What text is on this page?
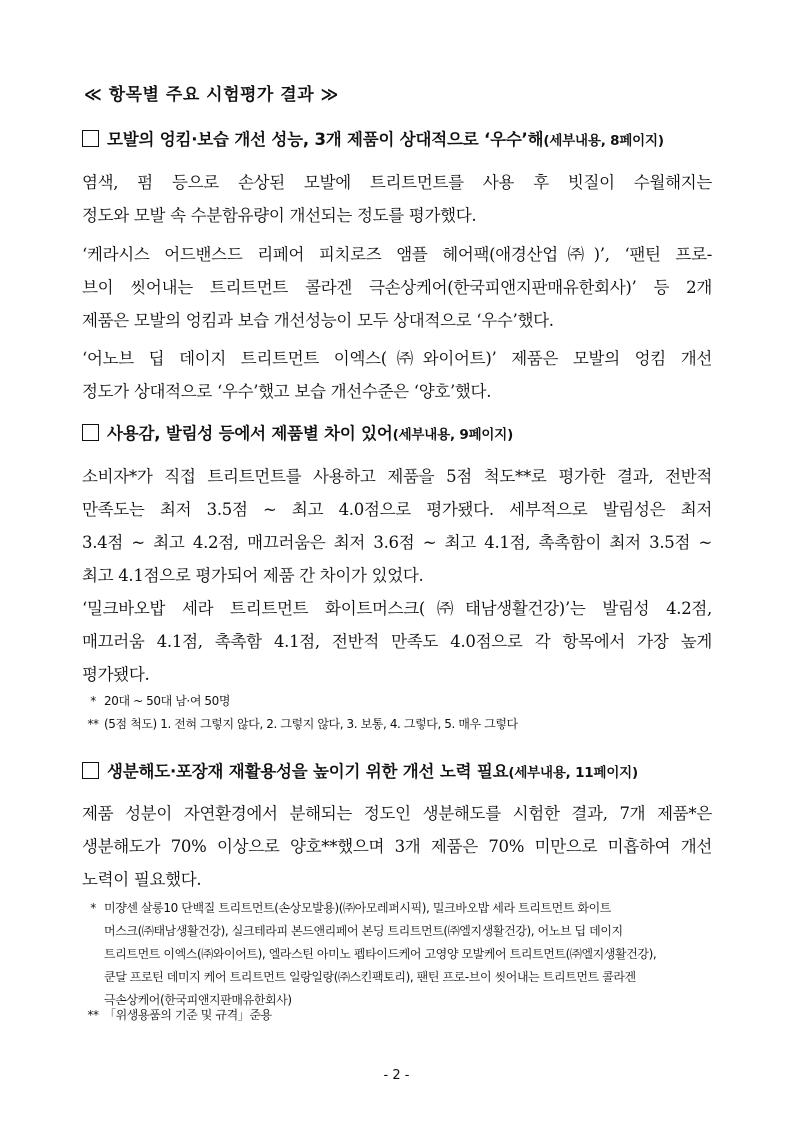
≪ 항목별 주요 시험평가 결과 ≫
모발의 엉킴·보습 개선 성능, 3개 제품이 상대적으로 ‘우수’해(세부내용, 8페이지)
염색, 펌 등으로 손상된 모발에 트리트먼트를 사용 후 빗질이 수월해지는
정도와 모발 속 수분함유량이 개선되는 정도를 평가했다.
‘케라시스 어드밴스드 리페어 피치로즈 앰플 헤어팩(애경산업㈜)’, ‘팬틴 프로-
브이 씻어내는 트리트먼트 콜라겐 극손상케어(한국피앤지판매유한회사)’ 등 2개
제품은 모발의 엉킴과 보습 개선성능이 모두 상대적으로 ‘우수’했다.
‘어노브 딥 데이지 트리트먼트 이엑스(㈜와이어트)’ 제품은 모발의 엉킴 개선
정도가 상대적으로 ‘우수’했고 보습 개선수준은 ‘양호’했다.
사용감, 발림성 등에서 제품별 차이 있어(세부내용, 9페이지)
소비자*가 직접 트리트먼트를 사용하고 제품을 5점 척도**로 평가한 결과, 전반적
만족도는 최저 3.5점 ~ 최고 4.0점으로 평가됐다. 세부적으로 발림성은 최저
3.4점 ~ 최고 4.2점, 매끄러움은 최저 3.6점 ~ 최고 4.1점, 촉촉함이 최저 3.5점 ~
최고 4.1점으로 평가되어 제품 간 차이가 있었다.
‘밀크바오밥 세라 트리트먼트 화이트머스크(㈜태남생활건강)’는 발림성 4.2점,
매끄러움 4.1점, 촉촉함 4.1점, 전반적 만족도 4.0점으로 각 항목에서 가장 높게
평가됐다.
* 20대 ~ 50대 남·여 50명
** (5점 척도) 1. 전혀 그렇지 않다, 2. 그렇지 않다, 3. 보통, 4. 그렇다, 5. 매우 그렇다
생분해도·포장재 재활용성을 높이기 위한 개선 노력 필요(세부내용, 11페이지)
제품 성분이 자연환경에서 분해되는 정도인 생분해도를 시험한 결과, 7개 제품*은
생분해도가 70% 이상으로 양호**했으며 3개 제품은 70% 미만으로 미흡하여 개선
노력이 필요했다.
* 미쟝센 살롱10 단백질 트리트먼트(손상모발용)(㈜아모레퍼시픽), 밀크바오밥 세라 트리트먼트 화이트
머스크(㈜태남생활건강), 실크테라피 본드앤리페어 본딩 트리트먼트(㈜엘지생활건강), 어노브 딥 데이지
트리트먼트 이엑스(㈜와이어트), 엘라스틴 아미노 펩타이드케어 고영양 모발케어 트리트먼트(㈜엘지생활건강),
쿤달 프로틴 데미지 케어 트리트먼트 일랑일랑(㈜스킨팩토리), 팬틴 프로-브이 씻어내는 트리트먼트 콜라겐
극손상케어(한국피앤지판매유한회사)
** 「위생용품의 기준 및 규격」준용
- 2 -
